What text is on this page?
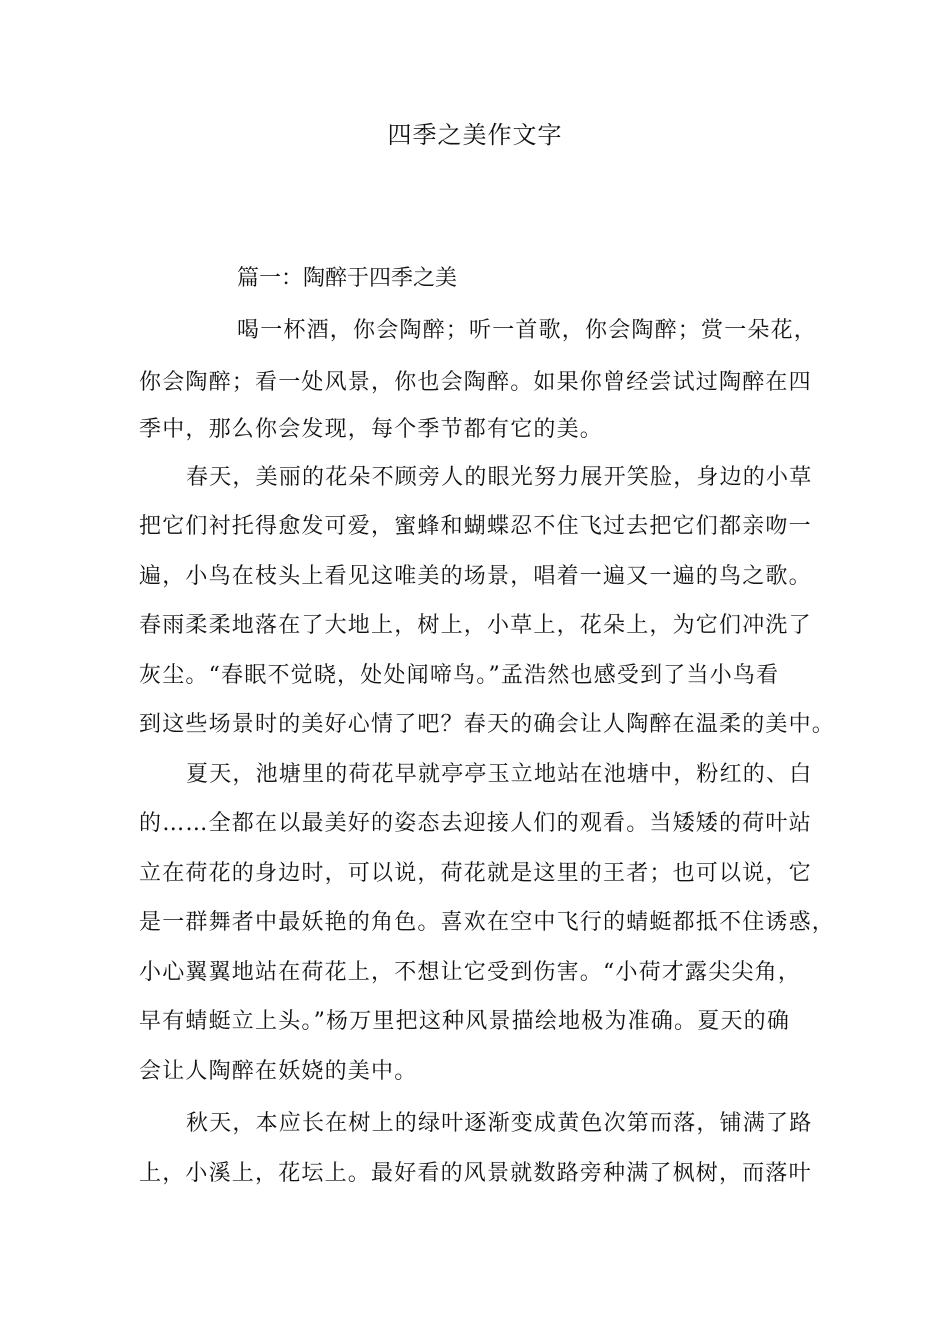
四季之美作文字
篇一：陶醉于四季之美
喝一杯酒，你会陶醉；听一首歌，你会陶醉；赏一朵花，
你会陶醉；看一处风景，你也会陶醉。如果你曾经尝试过陶醉在四
季中，那么你会发现，每个季节都有它的美。
春天，美丽的花朵不顾旁人的眼光努力展开笑脸，身边的小草
把它们衬托得愈发可爱，蜜蜂和蝴蝶忍不住飞过去把它们都亲吻一
遍，小鸟在枝头上看见这唯美的场景，唱着一遍又一遍的鸟之歌。
春雨柔柔地落在了大地上，树上，小草上，花朵上，为它们冲洗了
灰尘。“春眠不觉晓，处处闻啼鸟。”孟浩然也感受到了当小鸟看
到这些场景时的美好心情了吧？春天的确会让人陶醉在温柔的美中。
夏天，池塘里的荷花早就亭亭玉立地站在池塘中，粉红的、白
的……全都在以最美好的姿态去迎接人们的观看。当矮矮的荷叶站
立在荷花的身边时，可以说，荷花就是这里的王者；也可以说，它
是一群舞者中最妖艳的角色。喜欢在空中飞行的蜻蜓都抵不住诱惑，
小心翼翼地站在荷花上，不想让它受到伤害。“小荷才露尖尖角，
早有蜻蜓立上头。”杨万里把这种风景描绘地极为准确。夏天的确
会让人陶醉在妖娆的美中。
秋天，本应长在树上的绿叶逐渐变成黄色次第而落，铺满了路
上，小溪上，花坛上。最好看的风景就数路旁种满了枫树，而落叶
